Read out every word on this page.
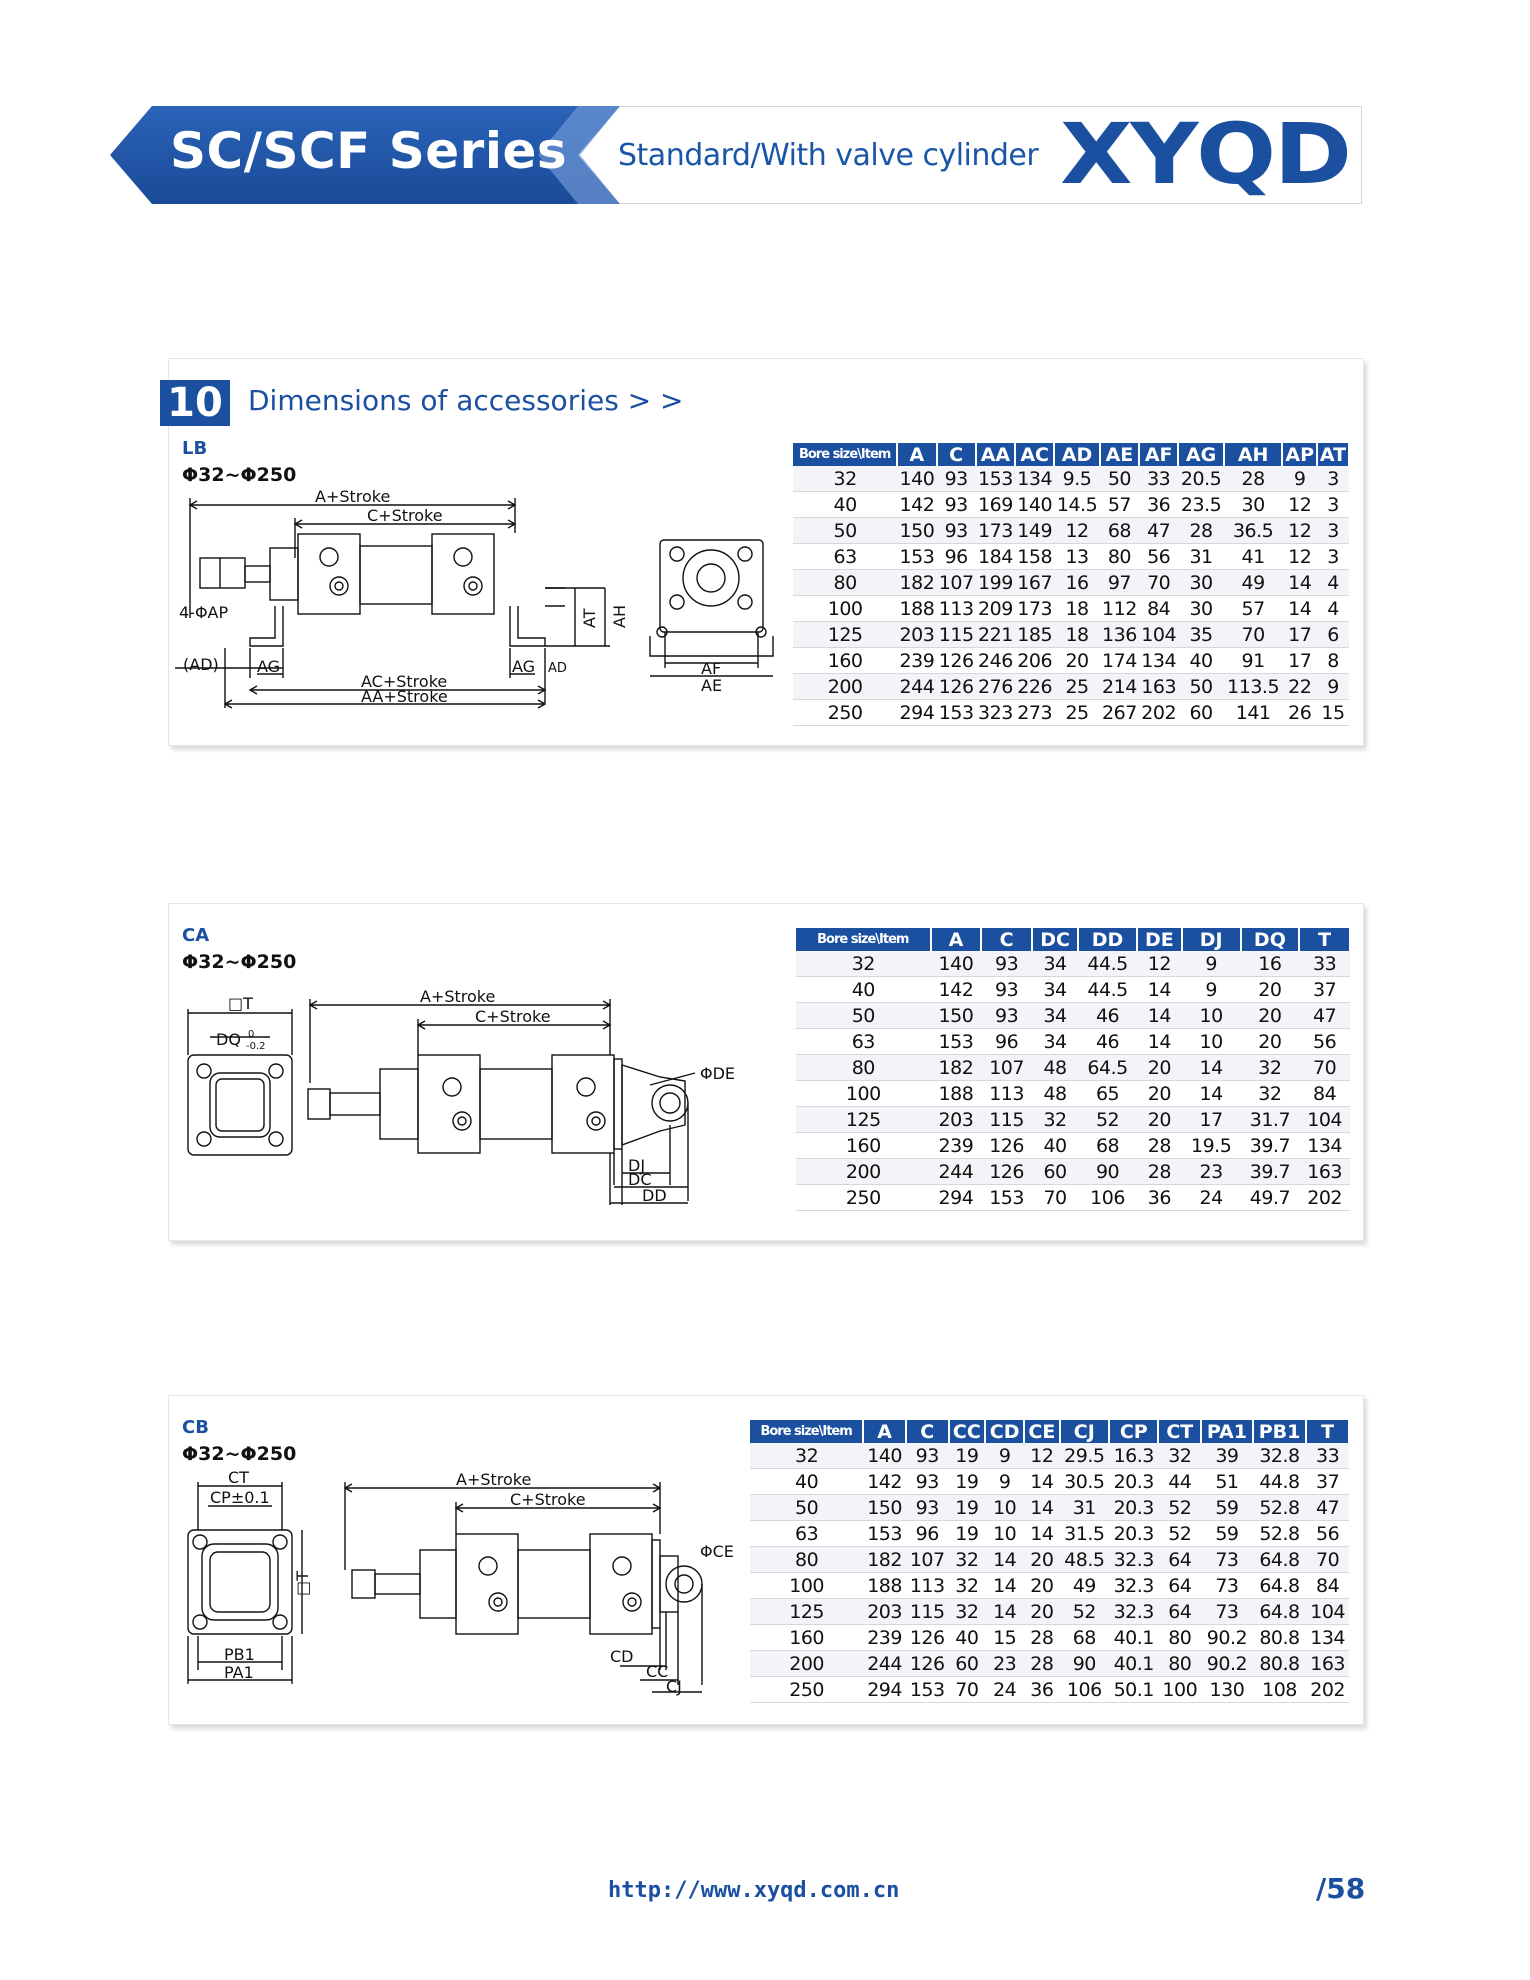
SC/SCF Series Standard/With valve cylinder XYQD
10 Dimensions of accessories > >
LB
Φ32~Φ250
A+Stroke
C+Stroke
4-ΦAP
(AD) AG	AG AD
AC+Stroke
AA+Stroke
AT AH
AF
AE
Bore size\Item	A	C	AA	AC	AD	AE	AF	AG	AH	AP	AT
32	140	93	153	134	9.5	50	33	20.5	28	9	3
40	142	93	169	140	14.5	57	36	23.5	30	12	3
50	150	93	173	149	12	68	47	28	36.5	12	3
63	153	96	184	158	13	80	56	31	41	12	3
80	182	107	199	167	16	97	70	30	49	14	4
100	188	113	209	173	18	112	84	30	57	14	4
125	203	115	221	185	18	136	104	35	70	17	6
160	239	126	246	206	20	174	134	40	91	17	8
200	244	126	276	226	25	214	163	50	113.5	22	9
250	294	153	323	273	25	267	202	60	141	26	15
CA
Φ32~Φ250
□T
DQ 0
-0.2
A+Stroke
C+Stroke
ΦDE
DJ
DC
DD
Bore size\Item	A	C	DC	DD	DE	DJ	DQ	T
32	140	93	34	44.5	12	9	16	33
40	142	93	34	44.5	14	9	20	37
50	150	93	34	46	14	10	20	47
63	153	96	34	46	14	10	20	56
80	182	107	48	64.5	20	14	32	70
100	188	113	48	65	20	14	32	84
125	203	115	32	52	20	17	31.7	104
160	239	126	40	68	28	19.5	39.7	134
200	244	126	60	90	28	23	39.7	163
250	294	153	70	106	36	24	49.7	202
CB
Φ32~Φ250
CT
CP±0.1
□T
PB1
PA1
A+Stroke
C+Stroke
ΦCE
CD
CC
CJ
Bore size\Item	A	C	CC	CD	CE	CJ	CP	CT	PA1	PB1	T
32	140	93	19	9	12	29.5	16.3	32	39	32.8	33
40	142	93	19	9	14	30.5	20.3	44	51	44.8	37
50	150	93	19	10	14	31	20.3	52	59	52.8	47
63	153	96	19	10	14	31.5	20.3	52	59	52.8	56
80	182	107	32	14	20	48.5	32.3	64	73	64.8	70
100	188	113	32	14	20	49	32.3	64	73	64.8	84
125	203	115	32	14	20	52	32.3	64	73	64.8	104
160	239	126	40	15	28	68	40.1	80	90.2	80.8	134
200	244	126	60	23	28	90	40.1	80	90.2	80.8	163
250	294	153	70	24	36	106	50.1	100	130	108	202
http://www.xyqd.com.cn	/58
